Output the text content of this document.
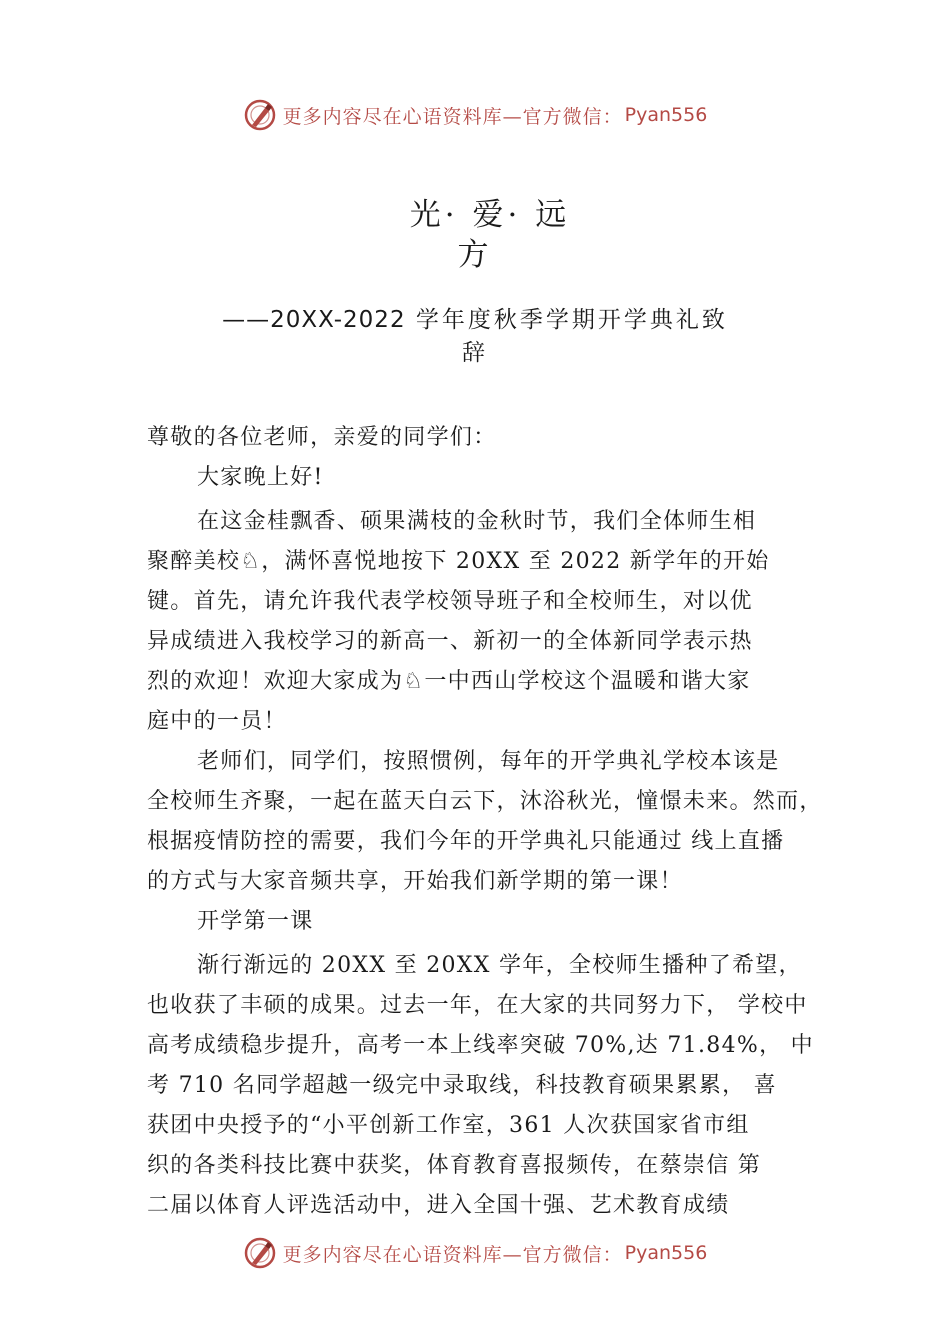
更多内容尽在心语资料库—官方微信： Pyan556
光· 爱· 远
方
——20XX-2022 学年度秋季学期开学典礼致
辞

尊敬的各位老师，亲爱的同学们：

大家晚上好!

在这金桂飘香、硕果满枝的金秋时节，我们全体师生相

聚醉美校♘，满怀喜悦地按下 20XX 至 2022 新学年的开始

键。首先，请允许我代表学校领导班子和全校师生，对以优

异成绩进入我校学习的新高一、新初一的全体新同学表示热

烈的欢迎！欢迎大家成为♘一中西山学校这个温暖和谐大家

庭中的一员！

老师们，同学们，按照惯例，每年的开学典礼学校本该是

全校师生齐聚，一起在蓝天白云下，沐浴秋光，憧憬未来。然而，

根据疫情防控的需要，我们今年的开学典礼只能通过 线上直播

的方式与大家音频共享，开始我们新学期的第一课！

开学第一课

渐行渐远的 20XX 至 20XX 学年，全校师生播种了希望，

也收获了丰硕的成果。过去一年，在大家的共同努力下， 学校中

高考成绩稳步提升，高考一本上线率突破 70%,达 71.84%， 中

考 710 名同学超越一级完中录取线，科技教育硕果累累， 喜

获团中央授予的“小平创新工作室，361 人次获国家省市组

织的各类科技比赛中获奖，体育教育喜报频传，在蔡崇信 第

二届以体育人评选活动中，进入全国十强、艺术教育成绩

更多内容尽在心语资料库—官方微信： Pyan556
